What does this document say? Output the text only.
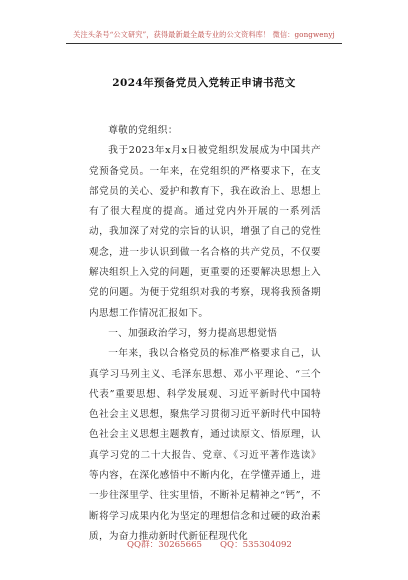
关注头条号“公文研究”，获得最新最全最专业的公文资料库！ 微信：gongwenyj
2024年预备党员入党转正申请书范文

尊敬的党组织：

我于2023年x月x日被党组织发展成为中国共产党预备党员。一年来，在党组织的严格要求下，在支部党员的关心、爱护和教育下，我在政治上、思想上有了很大程度的提高。通过党内外开展的一系列活动，我加深了对党的宗旨的认识，增强了自己的党性观念，进一步认识到做一名合格的共产党员，不仅要解决组织上入党的问题，更重要的还要解决思想上入党的问题。为便于党组织对我的考察，现将我预备期内思想工作情况汇报如下。

一、加强政治学习，努力提高思想觉悟

一年来，我以合格党员的标准严格要求自己，认真学习马列主义、毛泽东思想、邓小平理论、“三个代表”重要思想、科学发展观、习近平新时代中国特色社会主义思想，聚焦学习贯彻习近平新时代中国特色社会主义思想主题教育，通过读原文、悟原理，认真学习党的二十大报告、党章、《习近平著作选读》等内容，在深化感悟中不断内化，在学懂弄通上，进一步往深里学、往实里悟，不断补足精神之“钙”，不断将学习成果内化为坚定的理想信念和过硬的政治素质，为奋力推动新时代新征程现代化

QQ群：30265665 QQ：535304092
